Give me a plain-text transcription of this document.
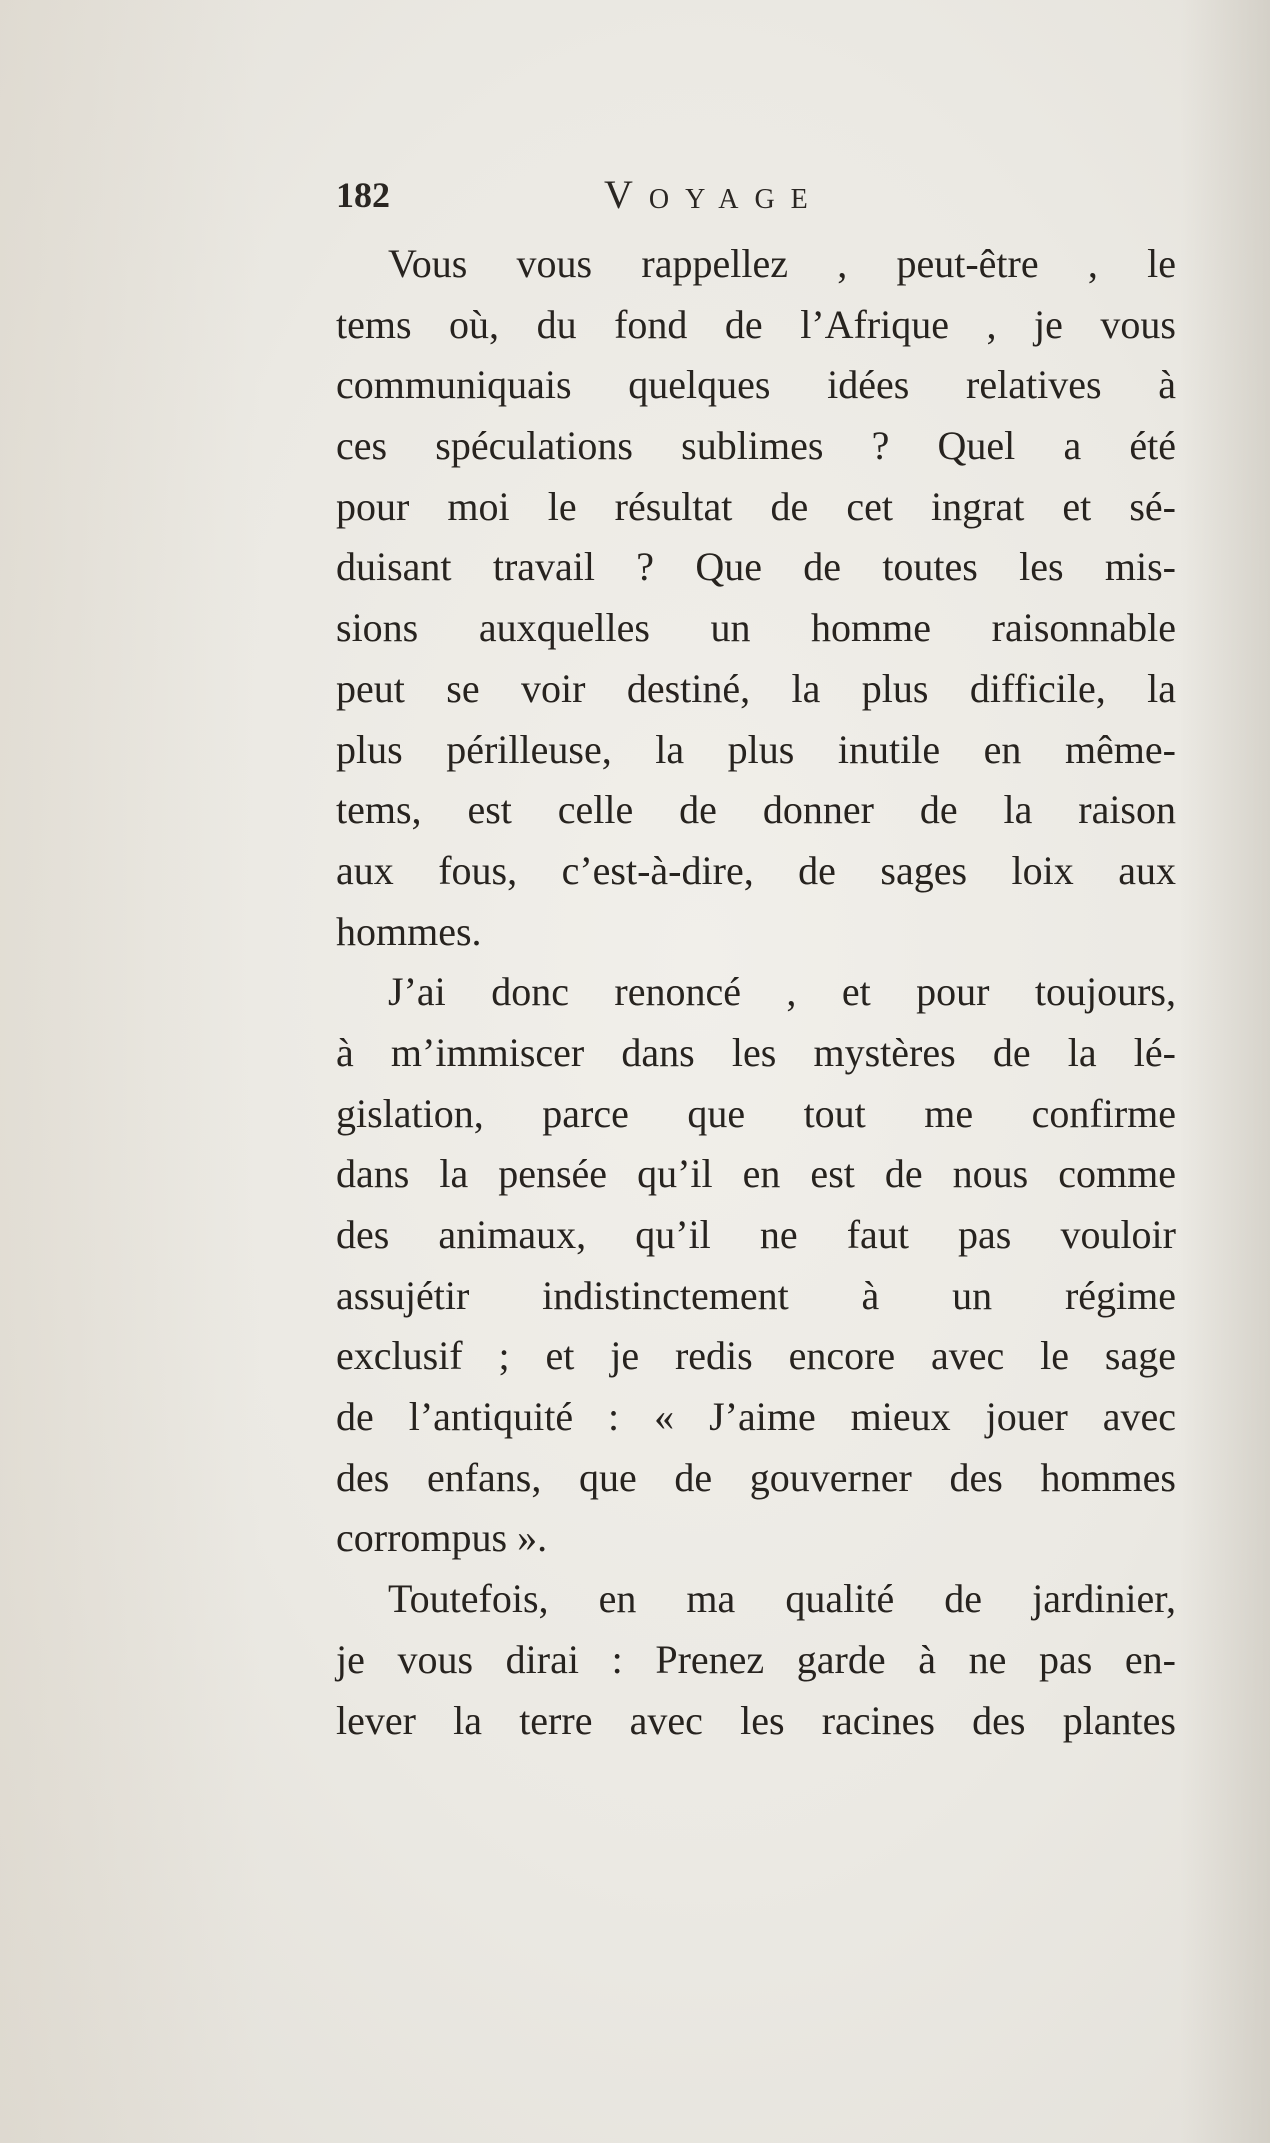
182	Voyage
Vous vous rappellez , peut-être , le
tems où, du fond de l’Afrique , je vous
communiquais quelques idées relatives à
ces spéculations sublimes ? Quel a été
pour moi le résultat de cet ingrat et sé-
duisant travail ? Que de toutes les mis-
sions auxquelles un homme raisonnable
peut se voir destiné, la plus difficile, la
plus périlleuse, la plus inutile en même-
tems, est celle de donner de la raison
aux fous, c’est-à-dire, de sages loix aux
hommes.
J’ai donc renoncé , et pour toujours,
à m’immiscer dans les mystères de la lé-
gislation, parce que tout me confirme
dans la pensée qu’il en est de nous comme
des animaux, qu’il ne faut pas vouloir
assujétir indistinctement à un régime
exclusif ; et je redis encore avec le sage
de l’antiquité : « J’aime mieux jouer avec
des enfans, que de gouverner des hommes
corrompus ».
Toutefois, en ma qualité de jardinier,
je vous dirai : Prenez garde à ne pas en-
lever la terre avec les racines des plantes
